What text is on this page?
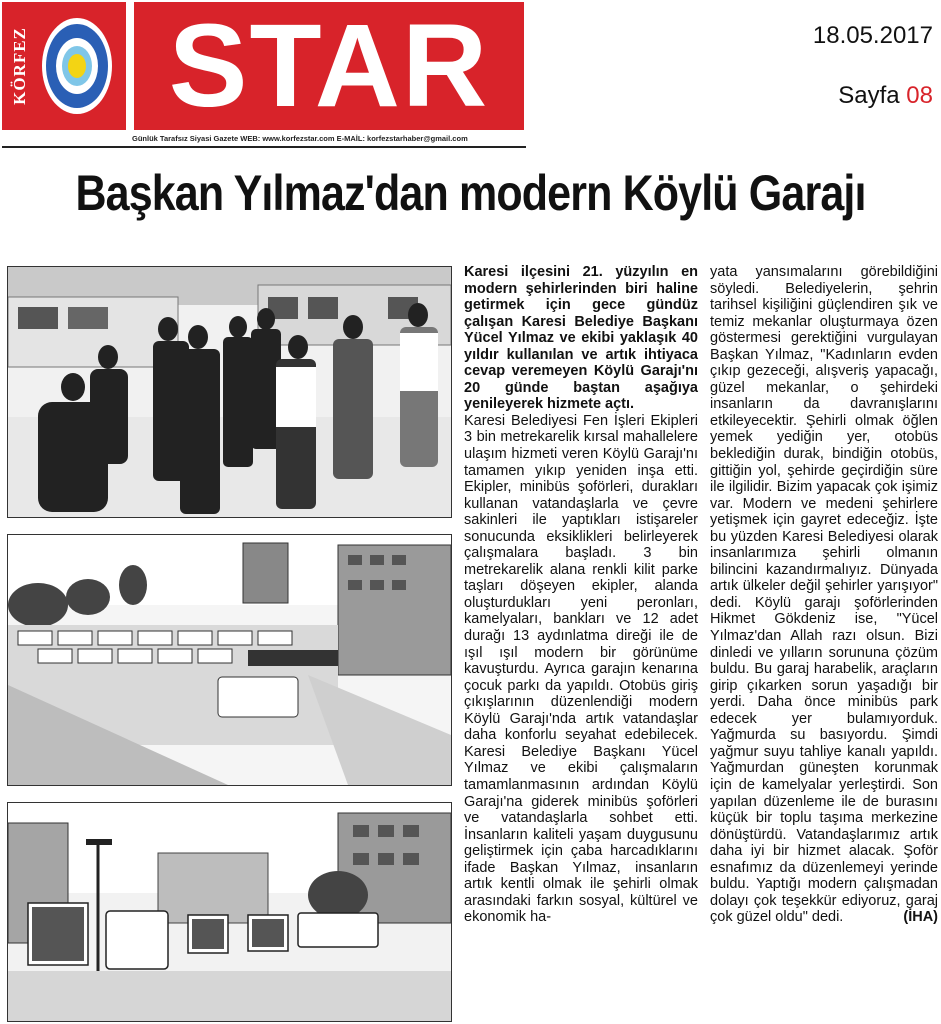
KÖRFEZ STAR
Günlük Tarafsız Siyasi Gazete WEB: www.korfezstar.com E-MAİL: korfezstarhaber@gmail.com
18.05.2017
Sayfa 08
Başkan Yılmaz'dan modern Köylü Garajı

Karesi ilçesini 21. yüzyılın en modern şehirlerinden biri haline getirmek için gece gündüz çalışan Karesi Belediye Başkanı Yücel Yılmaz ve ekibi yaklaşık 40 yıldır kullanılan ve artık ihtiyaca cevap veremeyen Köylü Garajı'nı 20 günde baştan aşağıya yenileyerek hizmete açtı.

Karesi Belediyesi Fen İşleri Ekipleri 3 bin metrekarelik kırsal mahallelere ulaşım hizmeti veren Köylü Garajı'nı tamamen yıkıp yeniden inşa etti. Ekipler, minibüs şoförleri, durakları kullanan vatandaşlarla ve çevre sakinleri ile yaptıkları istişareler sonucunda eksiklikleri belirleyerek çalışmalara başladı. 3 bin metrekarelik alana renkli kilit parke taşları döşeyen ekipler, alanda oluşturdukları yeni peronları, kamelyaları, bankları ve 12 adet durağı 13 aydınlatma direği ile de ışıl ışıl modern bir görünüme kavuşturdu. Ayrıca garajın kenarına çocuk parkı da yapıldı. Otobüs giriş çıkışlarının düzenlendiği modern Köylü Garajı'nda artık vatandaşlar daha konforlu seyahat edebilecek. Karesi Belediye Başkanı Yücel Yılmaz ve ekibi çalışmaların tamamlanmasının ardından Köylü Garajı'na giderek minibüs şoförleri ve vatandaşlarla sohbet etti. İnsanların kaliteli yaşam duygusunu geliştirmek için çaba harcadıklarını ifade Başkan Yılmaz, insanların artık kentli olmak ile şehirli olmak arasındaki farkın sosyal, kültürel ve ekonomik ha-

yata yansımalarını görebildiğini söyledi. Belediyelerin, şehrin tarihsel kişiliğini güçlendiren şık ve temiz mekanlar oluşturmaya özen göstermesi gerektiğini vurgulayan Başkan Yılmaz, "Kadınların evden çıkıp gezeceği, alışveriş yapacağı, güzel mekanlar, o şehirdeki insanların da davranışlarını etkileyecektir. Şehirli olmak öğlen yemek yediğin yer, otobüs beklediğin durak, bindiğin otobüs, gittiğin yol, şehirde geçirdiğin süre ile ilgilidir. Bizim yapacak çok işimiz var. Modern ve medeni şehirlere yetişmek için gayret edeceğiz. İşte bu yüzden Karesi Belediyesi olarak insanlarımıza şehirli olmanın bilincini kazandırmalıyız. Dünyada artık ülkeler değil şehirler yarışıyor" dedi. Köylü garajı şoförlerinden Hikmet Gökdeniz ise, "Yücel Yılmaz'dan Allah razı olsun. Bizi dinledi ve yılların sorununa çözüm buldu. Bu garaj harabelik, araçların girip çıkarken sorun yaşadığı bir yerdi. Daha önce minibüs park edecek yer bulamıyorduk. Yağmurda su basıyordu. Şimdi yağmur suyu tahliye kanalı yapıldı. Yağmurdan güneşten korunmak için de kamelyalar yerleştirdi. Son yapılan düzenleme ile de burasını küçük bir toplu taşıma merkezine dönüştürdü. Vatandaşlarımız artık daha iyi bir hizmet alacak. Şoför esnafımız da düzenlemeyi yerinde buldu. Yaptığı modern çalışmadan dolayı çok teşekkür ediyoruz, garaj çok güzel oldu" dedi.	(İHA)
